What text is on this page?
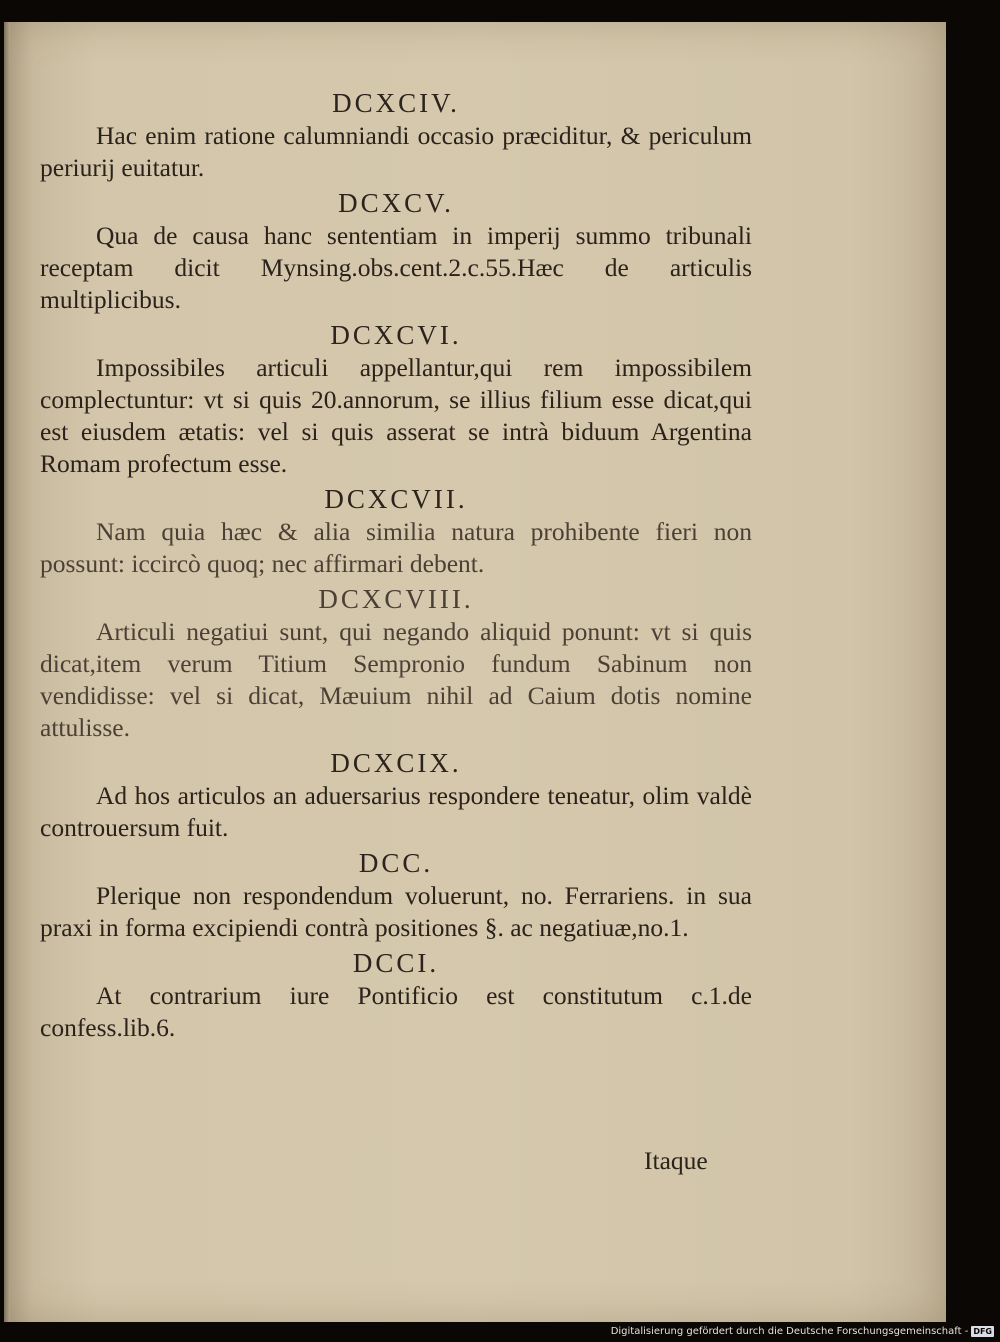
DCXCIV.

Hac enim ratione calumniandi occasio præciditur, & periculum periurij euitatur.

DCXCV.

Qua de causa hanc sententiam in imperij summo tribunali receptam dicit Mynsing.obs.cent.2.c.55.Hæc de articulis multiplicibus.

DCXCVI.

Impossibiles articuli appellantur,qui rem impossibilem complectuntur: vt si quis 20.annorum, se illius filium esse dicat,qui est eiusdem ætatis: vel si quis asserat se intrà biduum Argentina Romam profectum esse.

DCXCVII.

Nam quia hæc & alia similia natura prohibente fieri non possunt: iccircò quoq; nec affirmari debent.

DCXCVIII.

Articuli negatiui sunt, qui negando aliquid ponunt: vt si quis dicat,item verum Titium Sempronio fundum Sabinum non vendidisse: vel si dicat, Mæuium nihil ad Caium dotis nomine attulisse.

DCXCIX.

Ad hos articulos an aduersarius respondere teneatur, olim valdè controuersum fuit.

DCC.

Plerique non respondendum voluerunt, no. Ferrariens. in sua praxi in forma excipiendi contrà positiones §. ac negatiuæ,no.1.

DCCI.

At contrarium iure Pontificio est constitutum c.1.de confess.lib.6.

Itaque
Digitalisierung gefördert durch die Deutsche Forschungsgemeinschaft - DFG
